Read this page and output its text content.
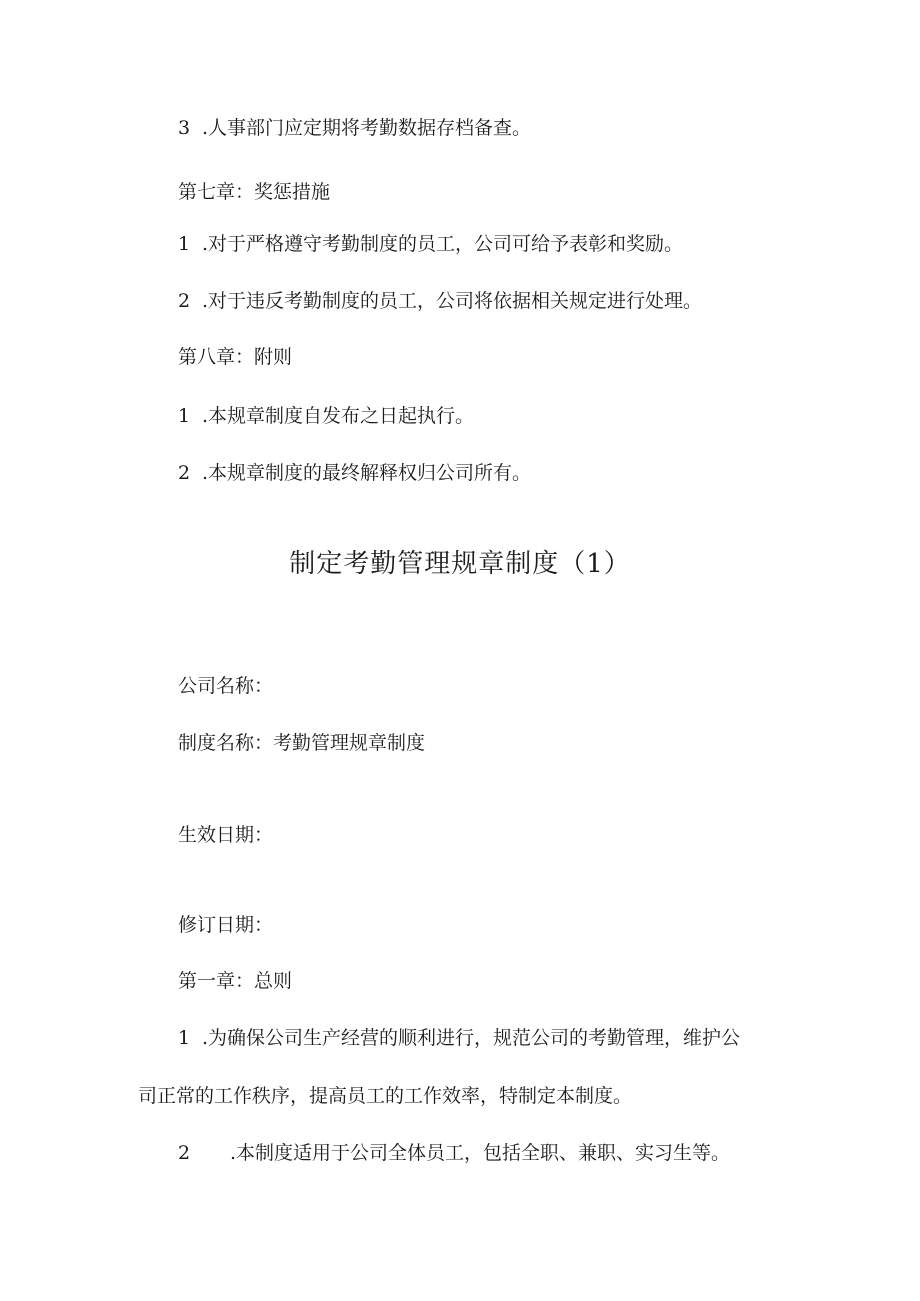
3 .人事部门应定期将考勤数据存档备查。

第七章：奖惩措施

1 .对于严格遵守考勤制度的员工，公司可给予表彰和奖励。

2 .对于违反考勤制度的员工，公司将依据相关规定进行处理。

第八章：附则

1 .本规章制度自发布之日起执行。

2 .本规章制度的最终解释权归公司所有。

制定考勤管理规章制度（1）

公司名称：

制度名称：考勤管理规章制度

生效日期：

修订日期：

第一章：总则

1 .为确保公司生产经营的顺利进行，规范公司的考勤管理，维护公

司正常的工作秩序，提高员工的工作效率，特制定本制度。

2 .本制度适用于公司全体员工，包括全职、兼职、实习生等。
